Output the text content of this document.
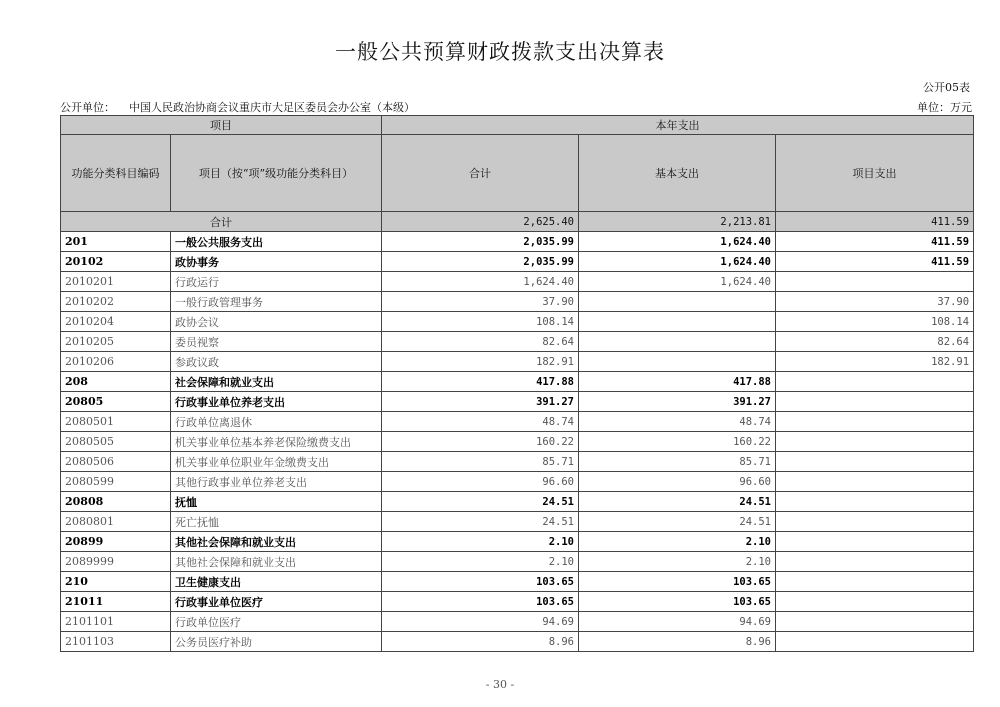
一般公共预算财政拨款支出决算表
公开05表
公开单位： 中国人民政治协商会议重庆市大足区委员会办公室（本级）	单位：万元
项目		本年支出		
功能分类科目编码	项目（按“项”级功能分类科目）	合计	基本支出	项目支出
合计		2,625.40	2,213.81	411.59
201	一般公共服务支出	2,035.99	1,624.40	411.59
20102	政协事务	2,035.99	1,624.40	411.59
2010201	行政运行	1,624.40	1,624.40	
2010202	一般行政管理事务	37.90		37.90
2010204	政协会议	108.14		108.14
2010205	委员视察	82.64		82.64
2010206	参政议政	182.91		182.91
208	社会保障和就业支出	417.88	417.88	
20805	行政事业单位养老支出	391.27	391.27	
2080501	行政单位离退休	48.74	48.74	
2080505	机关事业单位基本养老保险缴费支出	160.22	160.22	
2080506	机关事业单位职业年金缴费支出	85.71	85.71	
2080599	其他行政事业单位养老支出	96.60	96.60	
20808	抚恤	24.51	24.51	
2080801	死亡抚恤	24.51	24.51	
20899	其他社会保障和就业支出	2.10	2.10	
2089999	其他社会保障和就业支出	2.10	2.10	
210	卫生健康支出	103.65	103.65	
21011	行政事业单位医疗	103.65	103.65	
2101101	行政单位医疗	94.69	94.69	
2101103	公务员医疗补助	8.96	8.96	
- 30 -
